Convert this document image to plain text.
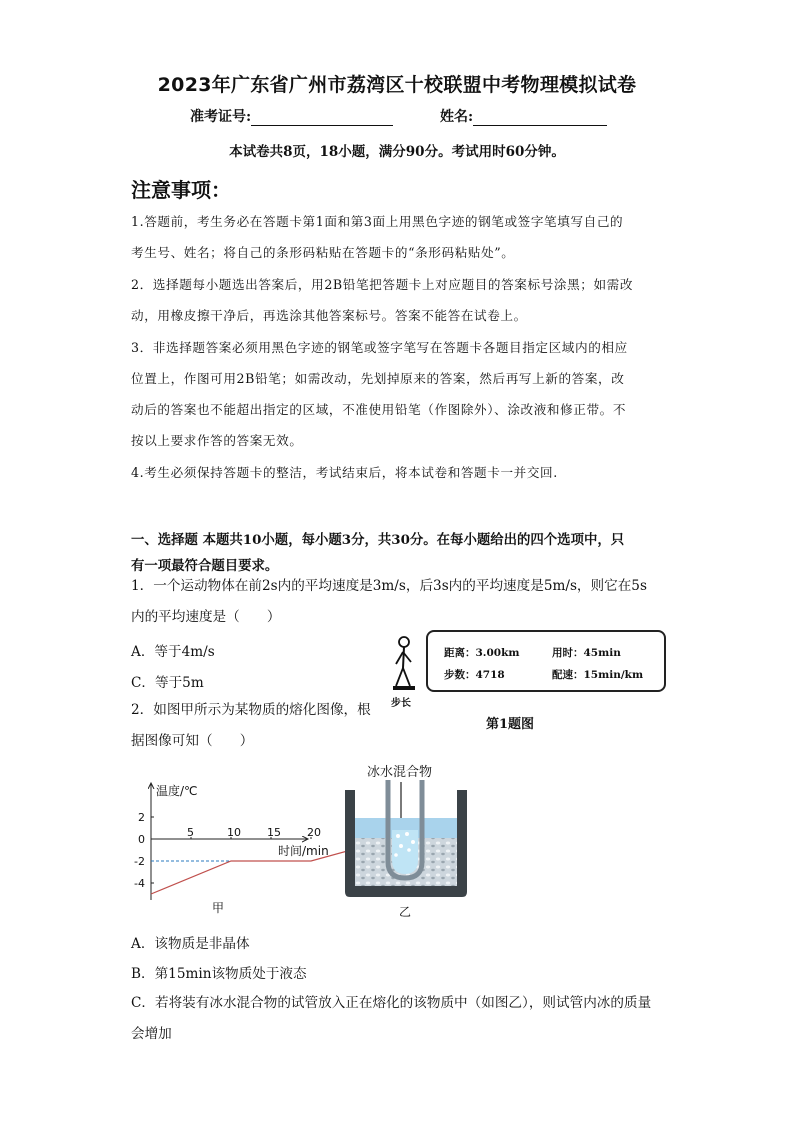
2023年广东省广州市荔湾区十校联盟中考物理模拟试卷
准考证号:	姓名:
本试卷共8页，18小题，满分90分。考试用时60分钟。
注意事项：
1.答题前，考生务必在答题卡第1面和第3面上用黑色字迹的钢笔或签字笔填写自己的
考生号、姓名；将自己的条形码粘贴在答题卡的“条形码粘贴处”。
2．选择题每小题选出答案后，用2B铅笔把答题卡上对应题目的答案标号涂黑；如需改
动，用橡皮擦干净后，再选涂其他答案标号。答案不能答在试卷上。
3．非选择题答案必须用黑色字迹的钢笔或签字笔写在答题卡各题目指定区域内的相应
位置上，作图可用2B铅笔；如需改动，先划掉原来的答案，然后再写上新的答案，改
动后的答案也不能超出指定的区域，不准使用铅笔（作图除外）、涂改液和修正带。不
按以上要求作答的答案无效。
4.考生必须保持答题卡的整洁，考试结束后，将本试卷和答题卡一并交回.
一、选择题 本题共10小题，每小题3分，共30分。在每小题给出的四个选项中，只
有一项最符合题目要求。
1．一个运动物体在前2s内的平均速度是3m/s，后3s内的平均速度是5m/s，则它在5s
内的平均速度是（　　）
A．等于4m/s
C．等于5m
步长
距离：3.00km	用时：45min
步数：4718	配速：15min/km
第1题图
2．如图甲所示为某物质的熔化图像，根
据图像可知（　　）
5	10 15 20
2
0
-2
-4
温度/℃
时间/min
甲
冰水混合物
乙
A．该物质是非晶体
B．第15min该物质处于液态
C．若将装有冰水混合物的试管放入正在熔化的该物质中（如图乙），则试管内冰的质量
会增加
